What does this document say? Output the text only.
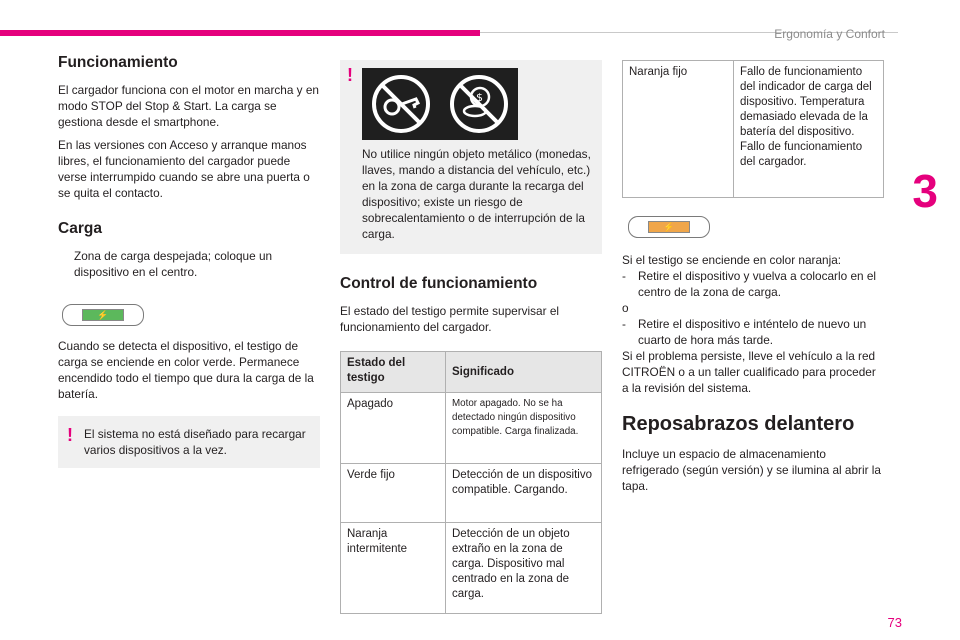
Ergonomía y Confort
3
73
Funcionamiento

El cargador funciona con el motor en marcha y en modo STOP del Stop & Start. La carga se gestiona desde el smartphone.

En las versiones con Acceso y arranque manos libres, el funcionamiento del cargador puede verse interrumpido cuando se abre una puerta o se quita el contacto.

Carga
Zona de carga despejada; coloque un dispositivo en el centro.
⚡

Cuando se detecta el dispositivo, el testigo de carga se enciende en color verde. Permanece encendido todo el tiempo que dura la carga de la batería.

! El sistema no está diseñado para recargar varios dispositivos a la vez.
!
$
No utilice ningún objeto metálico (monedas, llaves, mando a distancia del vehículo, etc.) en la zona de carga durante la recarga del dispositivo; existe un riesgo de sobrecalentamiento o de interrupción de la carga.
Control de funcionamiento

El estado del testigo permite supervisar el funcionamiento del cargador.

Estado del testigo	Significado
Apagado	Motor apagado. No se ha detectado ningún dispositivo compatible. Carga finalizada.
Verde fijo	Detección de un dispositivo compatible. Cargando.
Naranja intermitente	Detección de un objeto extraño en la zona de carga. Dispositivo mal centrado en la zona de carga.
Naranja fijo	Fallo de funcionamiento del indicador de carga del dispositivo. Temperatura demasiado elevada de la batería del dispositivo. Fallo de funcionamiento del cargador.
⚡
Si el testigo se enciende en color naranja:
-	Retire el dispositivo y vuelva a colocarlo en el centro de la zona de carga.
o
-	Retire el dispositivo e inténtelo de nuevo un cuarto de hora más tarde.

Si el problema persiste, lleve el vehículo a la red CITROËN o a un taller cualificado para proceder a la revisión del sistema.

Reposabrazos delantero

Incluye un espacio de almacenamiento refrigerado (según versión) y se ilumina al abrir la tapa.
